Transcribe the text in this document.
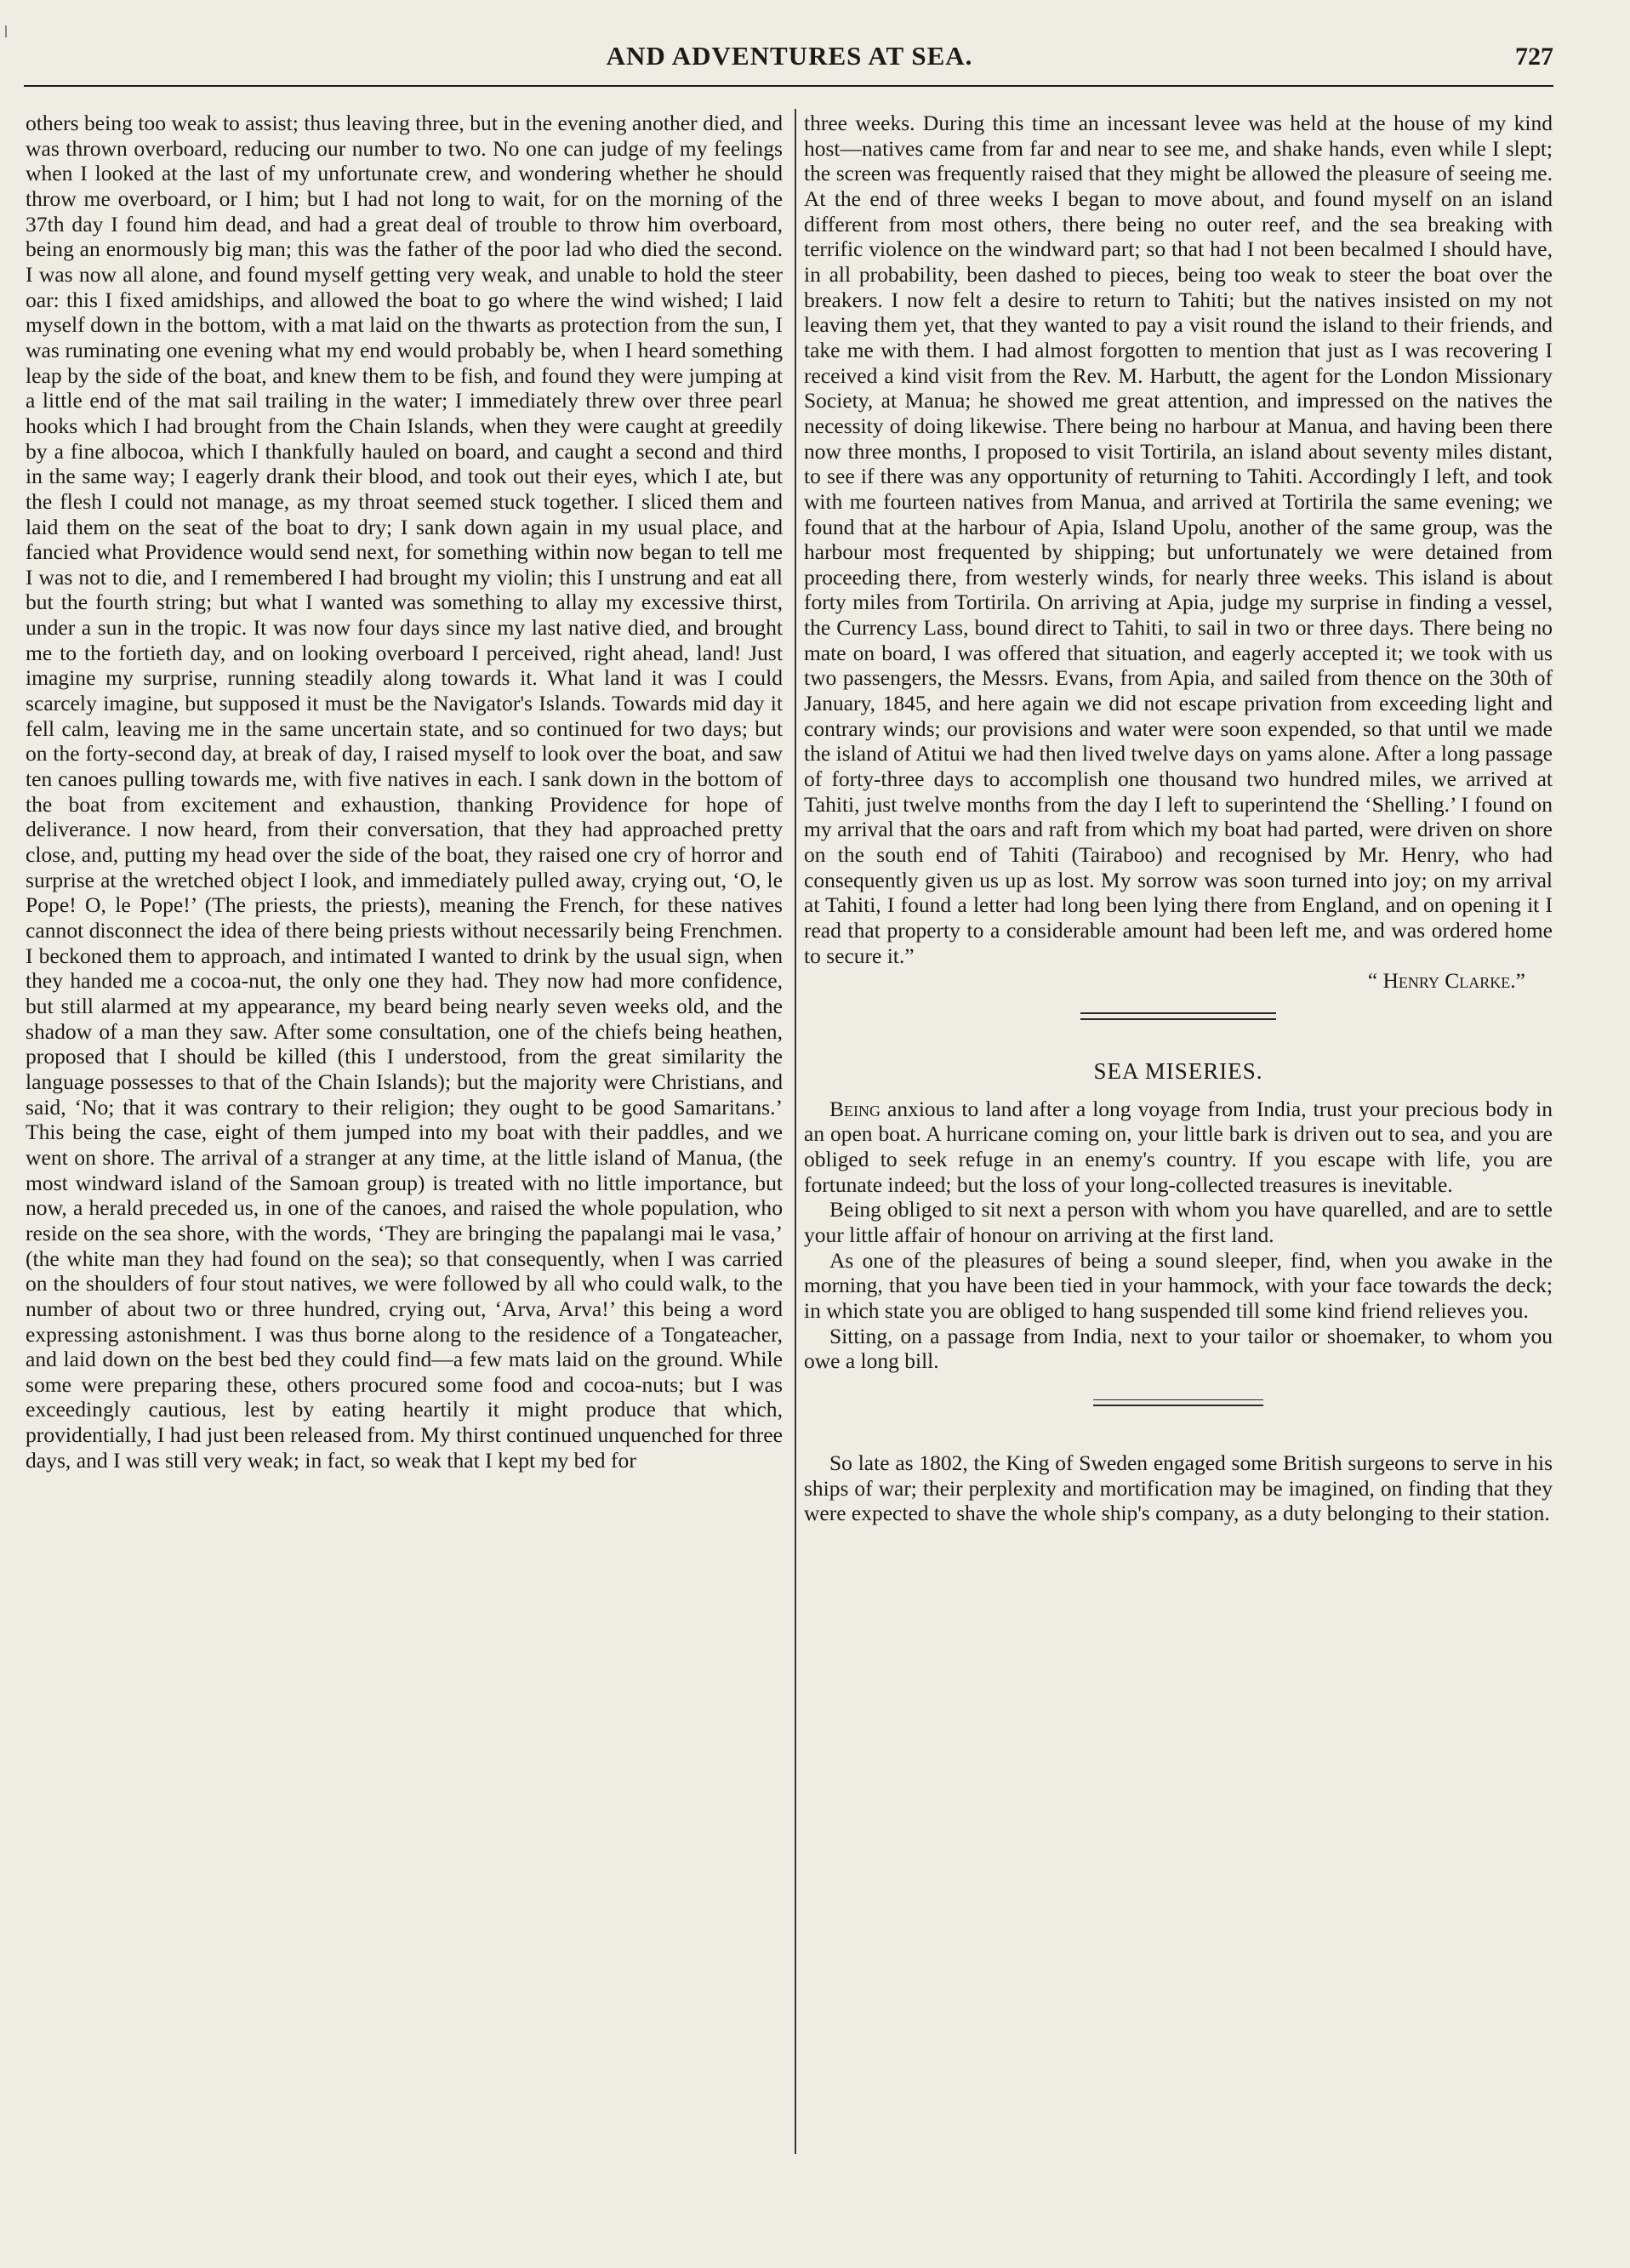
AND ADVENTURES AT SEA.	727

others being too weak to assist; thus leaving three, but in the evening another died, and was thrown overboard, reducing our number to two. No one can judge of my feelings when I looked at the last of my unfortunate crew, and wondering whether he should throw me overboard, or I him; but I had not long to wait, for on the morning of the 37th day I found him dead, and had a great deal of trouble to throw him overboard, being an enormously big man; this was the father of the poor lad who died the second. I was now all alone, and found myself getting very weak, and unable to hold the steer oar: this I fixed amidships, and allowed the boat to go where the wind wished; I laid myself down in the bottom, with a mat laid on the thwarts as protection from the sun, I was ruminating one evening what my end would probably be, when I heard something leap by the side of the boat, and knew them to be fish, and found they were jumping at a little end of the mat sail trailing in the water; I immediately threw over three pearl hooks which I had brought from the Chain Islands, when they were caught at greedily by a fine albocoa, which I thankfully hauled on board, and caught a second and third in the same way; I eagerly drank their blood, and took out their eyes, which I ate, but the flesh I could not manage, as my throat seemed stuck together. I sliced them and laid them on the seat of the boat to dry; I sank down again in my usual place, and fancied what Providence would send next, for something within now began to tell me I was not to die, and I remembered I had brought my violin; this I unstrung and eat all but the fourth string; but what I wanted was something to allay my excessive thirst, under a sun in the tropic. It was now four days since my last native died, and brought me to the fortieth day, and on looking overboard I perceived, right ahead, land! Just imagine my surprise, running steadily along towards it. What land it was I could scarcely imagine, but supposed it must be the Navigator's Islands. Towards mid day it fell calm, leaving me in the same uncertain state, and so continued for two days; but on the forty-second day, at break of day, I raised myself to look over the boat, and saw ten canoes pulling towards me, with five natives in each. I sank down in the bottom of the boat from excitement and exhaustion, thanking Providence for hope of deliverance. I now heard, from their conversation, that they had approached pretty close, and, putting my head over the side of the boat, they raised one cry of horror and surprise at the wretched object I look, and immediately pulled away, crying out, ‘O, le Pope! O, le Pope!’ (The priests, the priests), meaning the French, for these natives cannot disconnect the idea of there being priests without necessarily being Frenchmen. I beckoned them to approach, and intimated I wanted to drink by the usual sign, when they handed me a cocoa-nut, the only one they had. They now had more confidence, but still alarmed at my appearance, my beard being nearly seven weeks old, and the shadow of a man they saw. After some consultation, one of the chiefs being heathen, proposed that I should be killed (this I understood, from the great similarity the language possesses to that of the Chain Islands); but the majority were Christians, and said, ‘No; that it was contrary to their religion; they ought to be good Samaritans.’ This being the case, eight of them jumped into my boat with their paddles, and we went on shore. The arrival of a stranger at any time, at the little island of Manua, (the most windward island of the Samoan group) is treated with no little importance, but now, a herald preceded us, in one of the canoes, and raised the whole population, who reside on the sea shore, with the words, ‘They are bringing the papalangi mai le vasa,’ (the white man they had found on the sea); so that consequently, when I was carried on the shoulders of four stout natives, we were followed by all who could walk, to the number of about two or three hundred, crying out, ‘Arva, Arva!’ this being a word expressing astonishment. I was thus borne along to the residence of a Tongateacher, and laid down on the best bed they could find—a few mats laid on the ground. While some were preparing these, others procured some food and cocoa-nuts; but I was exceedingly cautious, lest by eating heartily it might produce that which, providentially, I had just been released from. My thirst continued unquenched for three days, and I was still very weak; in fact, so weak that I kept my bed for

three weeks. During this time an incessant levee was held at the house of my kind host—natives came from far and near to see me, and shake hands, even while I slept; the screen was frequently raised that they might be allowed the pleasure of seeing me. At the end of three weeks I began to move about, and found myself on an island different from most others, there being no outer reef, and the sea breaking with terrific violence on the windward part; so that had I not been becalmed I should have, in all probability, been dashed to pieces, being too weak to steer the boat over the breakers. I now felt a desire to return to Tahiti; but the natives insisted on my not leaving them yet, that they wanted to pay a visit round the island to their friends, and take me with them. I had almost forgotten to mention that just as I was recovering I received a kind visit from the Rev. M. Harbutt, the agent for the London Missionary Society, at Manua; he showed me great attention, and impressed on the natives the necessity of doing likewise. There being no harbour at Manua, and having been there now three months, I proposed to visit Tortirila, an island about seventy miles distant, to see if there was any opportunity of returning to Tahiti. Accordingly I left, and took with me fourteen natives from Manua, and arrived at Tortirila the same evening; we found that at the harbour of Apia, Island Upolu, another of the same group, was the harbour most frequented by shipping; but unfortunately we were detained from proceeding there, from westerly winds, for nearly three weeks. This island is about forty miles from Tortirila. On arriving at Apia, judge my surprise in finding a vessel, the Currency Lass, bound direct to Tahiti, to sail in two or three days. There being no mate on board, I was offered that situation, and eagerly accepted it; we took with us two passengers, the Messrs. Evans, from Apia, and sailed from thence on the 30th of January, 1845, and here again we did not escape privation from exceeding light and contrary winds; our provisions and water were soon expended, so that until we made the island of Atitui we had then lived twelve days on yams alone. After a long passage of forty-three days to accomplish one thousand two hundred miles, we arrived at Tahiti, just twelve months from the day I left to superintend the ‘Shelling.’ I found on my arrival that the oars and raft from which my boat had parted, were driven on shore on the south end of Tahiti (Tairaboo) and recognised by Mr. Henry, who had consequently given us up as lost. My sorrow was soon turned into joy; on my arrival at Tahiti, I found a letter had long been lying there from England, and on opening it I read that property to a considerable amount had been left me, and was ordered home to secure it.”

“ Henry Clarke.”

SEA MISERIES.

Being anxious to land after a long voyage from India, trust your precious body in an open boat. A hurricane coming on, your little bark is driven out to sea, and you are obliged to seek refuge in an enemy's country. If you escape with life, you are fortunate indeed; but the loss of your long-collected treasures is inevitable.

Being obliged to sit next a person with whom you have quarelled, and are to settle your little affair of honour on arriving at the first land.

As one of the pleasures of being a sound sleeper, find, when you awake in the morning, that you have been tied in your hammock, with your face towards the deck; in which state you are obliged to hang suspended till some kind friend relieves you.

Sitting, on a passage from India, next to your tailor or shoemaker, to whom you owe a long bill.

So late as 1802, the King of Sweden engaged some British surgeons to serve in his ships of war; their perplexity and mortification may be imagined, on finding that they were expected to shave the whole ship's company, as a duty belonging to their station.
